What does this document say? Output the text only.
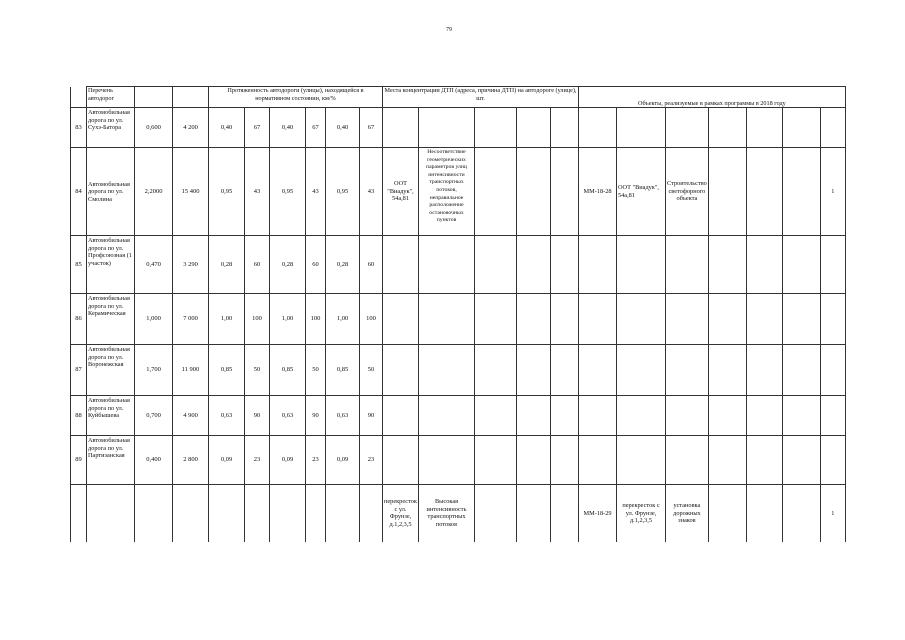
79
	Перечень автодорог			Протяженность автодороги (улицы), находящейся в нормативном состоянии, км/%						Места концентрации ДТП (адреса, причина ДТП) на автодороге (улице), шт.					Объекты, реализуемые в рамках программы в 2018 году						
83	Автомобильная дорога по ул. Сухэ-Батора	0,600	4 200	0,40	67	0,40	67	0,40	67												
84	Автомобильная дорога по ул. Смолина	2,2000	15 400	0,95	43	0,95	43	0,95	43	ООТ "Виадук", 54а,81	Несоответствие геометрических параметров улиц интенсивности транспортных потоков, неправильное расположение остановочных пунктов				ММ-18-28	ООТ "Виадук", 54а,81	Строительство светофорного объекта				1
85	Автомобильная дорога по ул. Профсоюзная (1 участок)	0,470	3 290	0,28	60	0,28	60	0,28	60												
86	Автомобильная дорога по ул. Керамическая	1,000	7 000	1,00	100	1,00	100	1,00	100												
87	Автомобильная дорога по ул. Воронежская	1,700	11 900	0,85	50	0,85	50	0,85	50												
88	Автомобильная дорога по ул. Куйбышева	0,700	4 900	0,63	90	0,63	90	0,63	90												
89	Автомобильная дорога по ул. Партизанская	0,400	2 800	0,09	23	0,09	23	0,09	23												
										перекресток с ул. Фрунзе, д.1,2,3,5	Высокая интенсивность транспортных потоков				ММ-18-29	перекресток с ул. Фрунзе, д.1,2,3,5	установка дорожных знаков				1
